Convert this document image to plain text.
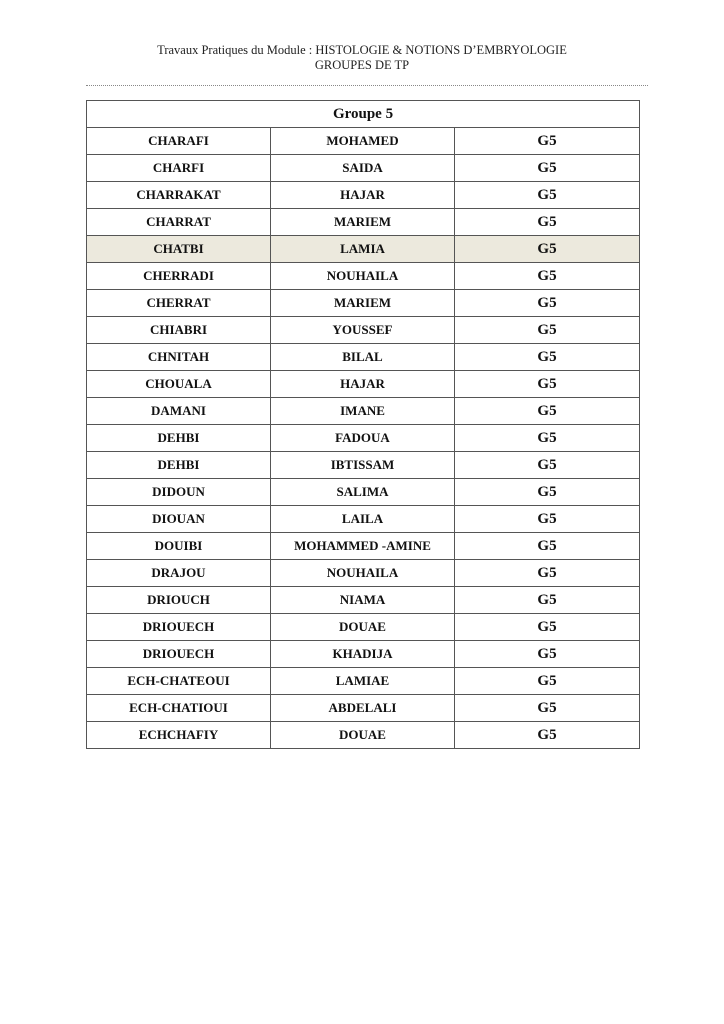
Travaux Pratiques du Module : HISTOLOGIE & NOTIONS D’EMBRYOLOGIE
GROUPES DE TP
Groupe 5		
CHARAFI	MOHAMED	G5
CHARFI	SAIDA	G5
CHARRAKAT	HAJAR	G5
CHARRAT	MARIEM	G5
CHATBI	LAMIA	G5
CHERRADI	NOUHAILA	G5
CHERRAT	MARIEM	G5
CHIABRI	YOUSSEF	G5
CHNITAH	BILAL	G5
CHOUALA	HAJAR	G5
DAMANI	IMANE	G5
DEHBI	FADOUA	G5
DEHBI	IBTISSAM	G5
DIDOUN	SALIMA	G5
DIOUAN	LAILA	G5
DOUIBI	MOHAMMED -AMINE	G5
DRAJOU	NOUHAILA	G5
DRIOUCH	NIAMA	G5
DRIOUECH	DOUAE	G5
DRIOUECH	KHADIJA	G5
ECH-CHATEOUI	LAMIAE	G5
ECH-CHATIOUI	ABDELALI	G5
ECHCHAFIY	DOUAE	G5
